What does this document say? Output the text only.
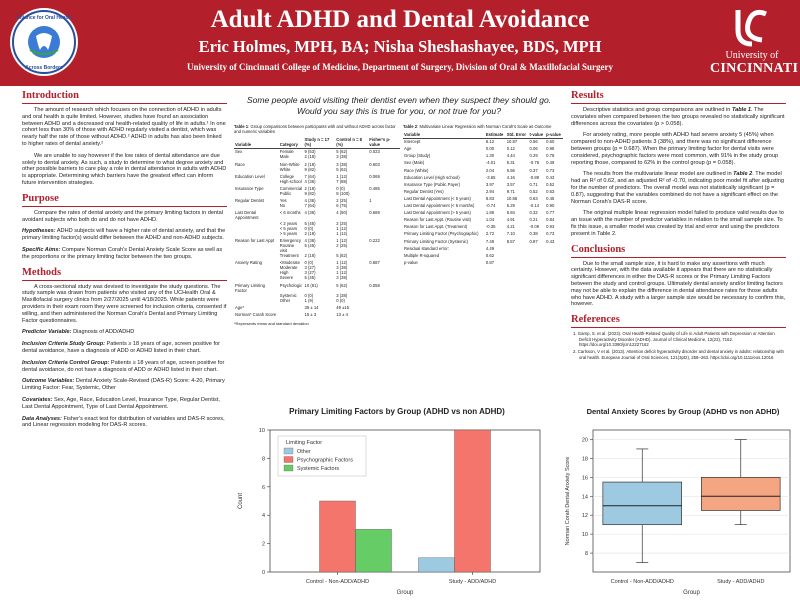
Alliance for Oral Health
Across Borders
Adult ADHD and Dental Avoidance
Eric Holmes, MPH, BA; Nisha Sheshashayee, BDS, MPH
University of Cincinnati College of Medicine, Department of Surgery, Division of Oral & Maxillofacial Surgery
University of
CINCINNATI
Introduction

The amount of research which focuses on the connection of ADHD in adults and oral health is quite limited. However, studies have found an association between ADHD and a decreased oral health-related quality of life in adults.¹ In one cohort less than 30% of those with ADHD regularly visited a dentist, which was nearly half the rate of those without ADHD.² ADHD in adults has also been linked to higher rates of dental anxiety.²

We are unable to say however if the low rates of dental attendance are due solely to dental anxiety. As such, a study to determine to what degree anxiety and other possible barriers to care play a role in dental attendance in adults with ADHD is appropriate. Determining which barriers have the greatest effect can inform future intervention strategies.

Purpose

Compare the rates of dental anxiety and the primary limiting factors in dental avoidant subjects who both do and do not have ADHD.

Hypotheses: ADHD subjects will have a higher rate of dental anxiety, and that the primary limiting factor(s) would differ between the ADHD and non-ADHD subjects.

Specific Aims: Compare Norman Corah's Dental Anxiety Scale Score as well as the proportions or the primary limiting factor between the two groups.

Methods

A cross-sectional study was devised to investigate the study questions. The study sample was drawn from patients who visited any of the UCHealth Oral & Maxillofacial surgery clinics from 2/27/2025 until 4/18/2025. While patients were providers in their exam room they were screened for inclusion criteria, consented if willing, and then administered the Norman Corah's Dental and Primary Limiting Factor questionnaires.

Predictor Variable: Diagnosis of ADD/ADHD

Inclusion Criteria Study Group: Patients ≥ 18 years of age, screen positive for dental avoidance, have a diagnosis of ADD or ADHD listed in their chart.

Inclusion Criteria Control Group: Patients ≥ 18 years of age, screen positive for dental avoidance, do not have a diagnosis of ADD or ADHD listed in their chart.

Outcome Variables: Dental Anxiety Scale-Revised (DAS-R) Score: 4-20, Primary Limiting Factor: Fear, Systemic, Other

Covariates: Sex, Age, Race, Education Level, Insurance Type, Regular Dentist, Last Dental Appointment, Type of Last Dental Appointment.

Data Analyses: Fisher's exact test for distribution of variables and DAS-R scores, and Linear regression modeling for DAS-R scores.

Some people avoid visiting their dentist even when they suspect they should go. Would you say this is true for you, or not true for you?
Table 1: Group comparisons between participants with and without ADHD across factor and numeric variables
Variable	Category	Study n = 17 (%)	Control n = 8 (%)	Fisher's p-value
Sex	Female	9 (53)	5 (62)	0.023
	Male	2 (18)	3 (38)	
Race	Non-White	2 (18)	3 (38)	0.603
	White	9 (82)	5 (62)	
Education Level	College	7 (64)	1 (12)	0.069
	High school	4 (36)	7 (88)	
Insurance Type	Commercial	2 (18)	0 (0)	0.485
	Public	9 (82)	8 (100)	
Regular Dentist	Yes	4 (36)	2 (25)	1
	No	7 (64)	6 (75)	
Last Dental Appointment	< 6 months	4 (36)	4 (50)	0.669
	< 2 years	5 (45)	2 (25)	
	< 5 years	0 (0)	1 (12)	
	> 5 years	2 (18)	1 (12)	
Reason for Last Appt	Emergency	4 (36)	1 (12)	0.222
	Routine visit	5 (45)	2 (25)	
	Treatment	2 (18)	5 (62)	
Anxiety Rating	<Moderate	0 (0)	1 (12)	0.687
	Moderate	3 (27)	3 (38)	
	High	3 (27)	1 (12)	
	Severe	5 (45)	3 (38)	
Primary Limiting Factor	Psychologic	10 (91)	5 (62)	0.058
	Systemic	0 (0)	3 (38)	
	Other	1 (9)	0 (0)	
Age*		35 ± 14	49 ±15	
Norman* Corah Score		15 ± 3	13 ± 4	
*Represents mean and standard deviation
Table 2: Multivariate Linear Regression with Norman Corah's Scale as Outcome
Variable	Estimate	Std. Error	t-value	p-value
Intercept	6.12	10.87	0.56	0.60
Age	0.00	0.12	0.06	0.96
Group (Study)	1.30	4.44	0.29	0.78
Sex (Male)	-4.01	5.31	-0.76	0.49
Race (White)	2.04	5.56	0.37	0.73
Education Level (High school)	-3.65	4.16	-0.89	0.43
Insurance Type (Public Payer)	3.97	3.57	0.71	0.52
Regular Dentist (Yes)	2.94	9.71	0.52	0.63
Last Dental Appointment (< 5 years)	8.83	10.86	0.63	0.45
Last Dental Appointment (< 6 months)	-0.74	5.29	-0.14	0.90
Last Dental Appointment (> 5 years)	1.86	5.84	0.32	0.77
Reason for Last Appt. (Routine visit)	1.04	4.91	0.21	0.84
Reason for Last Appt. (Treatment)	-0.35	4.21	-0.09	0.93
Primary Limiting Factor (Psychographic)	2.72	7.10	0.38	0.73
Primary Limiting Factor (Systemic)	7.49	8.57	0.87	0.43
Residual standard error:	4.49			
Multiple R-squared	0.62			
p-value	0.87			
Results

Descriptive statistics and group comparisons are outlined in Table 1. The covariates when compared between the two groups revealed no statistically significant differences across the covariates (p > 0.058).

For anxiety rating, more people with ADHD had severe anxiety 5 (45%) when compared to non-ADHD patients 3 (38%), and there was no significant difference between groups (p = 0.687). When the primary limiting factor for dental visits were considered, psychographic factors were most common, with 91% in the study group reporting those, compared to 62% in the control group (p = 0.058).

The results from the multivariate linear model are outlined in Table 2. The model had an R² of 0.62, and an adjusted R² of -0.70, indicating poor model fit after adjusting for the number of predictors. The overall model was not statistically significant (p = 0.87), suggesting that the variables combined do not have a significant effect on the Norman Corah's DAS-R score.

The original multiple linear regression model failed to produce valid results due to an issue with the number of predictor variables in relation to the small sample size. To fix this issue, a smaller model was created by trial and error and using the predictors present in Table 2.

Conclusions

Due to the small sample size, it is hard to make any assertions with much certainty. However, with the data available it appears that there are no statistically significant differences in either the DAS-R scores or the Primary Limiting Factors between the study and control groups. Ultimately dental anxiety and/or limiting factors may not be able to explain the difference in dental attendance rates for those adults who have ADHD. A study with a larger sample size would be necessary to confirm this, however.

References
1. Gamp, S. et al. (2023). Oral Health-Related Quality of Life in Adult Patients with Depression or Attention Deficit Hyperactivity Disorder (ADHD). Journal of Clinical Medicine, 12(22), 7162. https://doi.org/10.3390/jcm12227162
2. Carlsson, V et al. (2013). Attention deficit hyperactivity disorder and dental anxiety in adults: relationship with oral health. European Journal of Oral Sciences, 121(3pt2), 258–263. https://doi.org/10.1111/eos.12016
Primary Limiting Factors by Group (ADHD vs non ADHD)
0
2
4
6
8
10
Control - Non-ADD/ADHD	Study - ADD/ADHD
Group
Count
Limiting Factor
Other
Psychographic Factors
Systemic Factors
Dental Anxiety Scores by Group (ADHD vs non ADHD)
8
10
12
14
16
18
20
Control - Non-ADD/ADHD	Study - ADD/ADHD
Group
Norman Corah Dental Anxiety Score
